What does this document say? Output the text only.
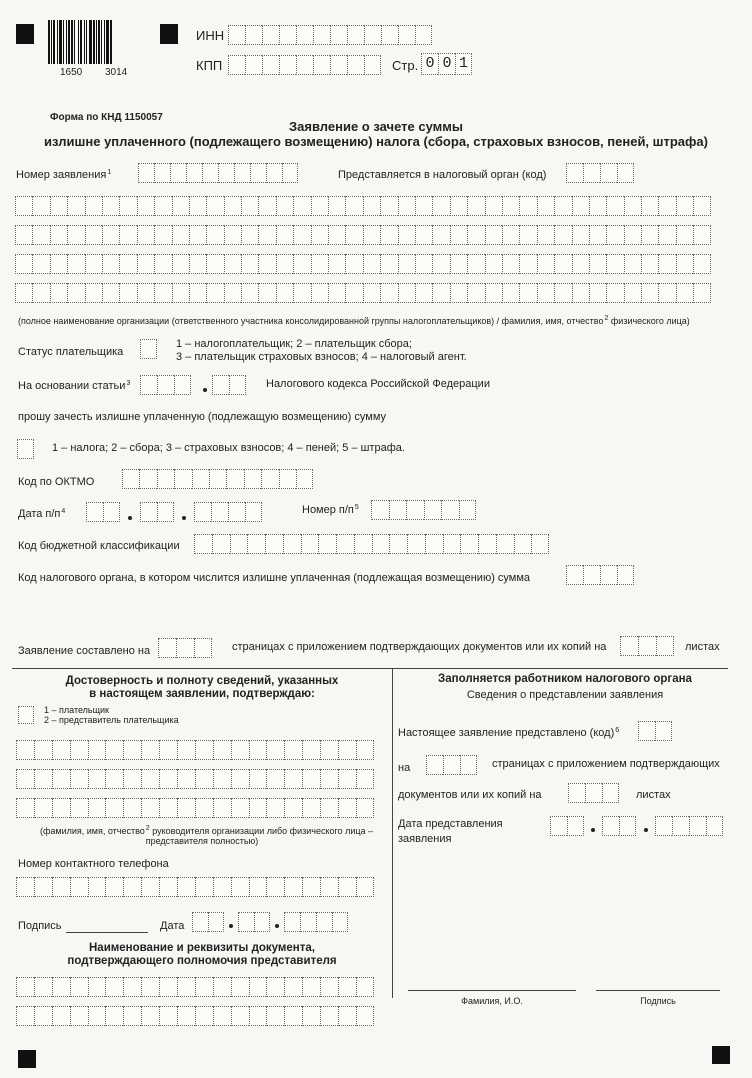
1650 3014
ИНН
КПП	Стр. 0 0 1
Форма по КНД 1150057
Заявление о зачете суммы
излишне уплаченного (подлежащего возмещению) налога (сбора, страховых взносов, пеней, штрафа)
Номер заявления$^1$	Представляется в налоговый орган (код)
(полное наименование организации (ответственного участника консолидированной группы налогоплательщиков) / фамилия, имя, отчество$^2$ физического лица)
Статус плательщика
1 – налогоплательщик; 2 – плательщик сбора;
3 – плательщик страховых взносов; 4 – налоговый агент.
На основании статьи$^3$	Налогового кодекса Российской Федерации
прошу зачесть излишне уплаченную (подлежащую возмещению) сумму
1 – налога; 2 – сбора; 3 – страховых взносов; 4 – пеней; 5 – штрафа.
Код по ОКТМО
Дата $п/п^4$	Номер $п/п^5$
Код бюджетной классификации
Код налогового органа, в котором числится излишне уплаченная (подлежащая возмещению) сумма
Заявление составлено на	страницах с приложением подтверждающих документов или их копий на	листах
Достоверность и полноту сведений, указанных
в настоящем заявлении, подтверждаю:
1 – плательщик
2 – представитель плательщика
(фамилия, имя, отчество$^2$ руководителя организации либо физического лица –
представителя полностью)
Номер контактного телефона
Подпись	Дата
Наименование и реквизиты документа,
подтверждающего полномочия представителя
Заполняется работником налогового органа
Сведения о представлении заявления
Настоящее заявление представлено (код)$^6$
на	страницах с приложением подтверждающих
документов или их копий на	листах
Дата представления
заявления
Фамилия, И.О.	Подпись
